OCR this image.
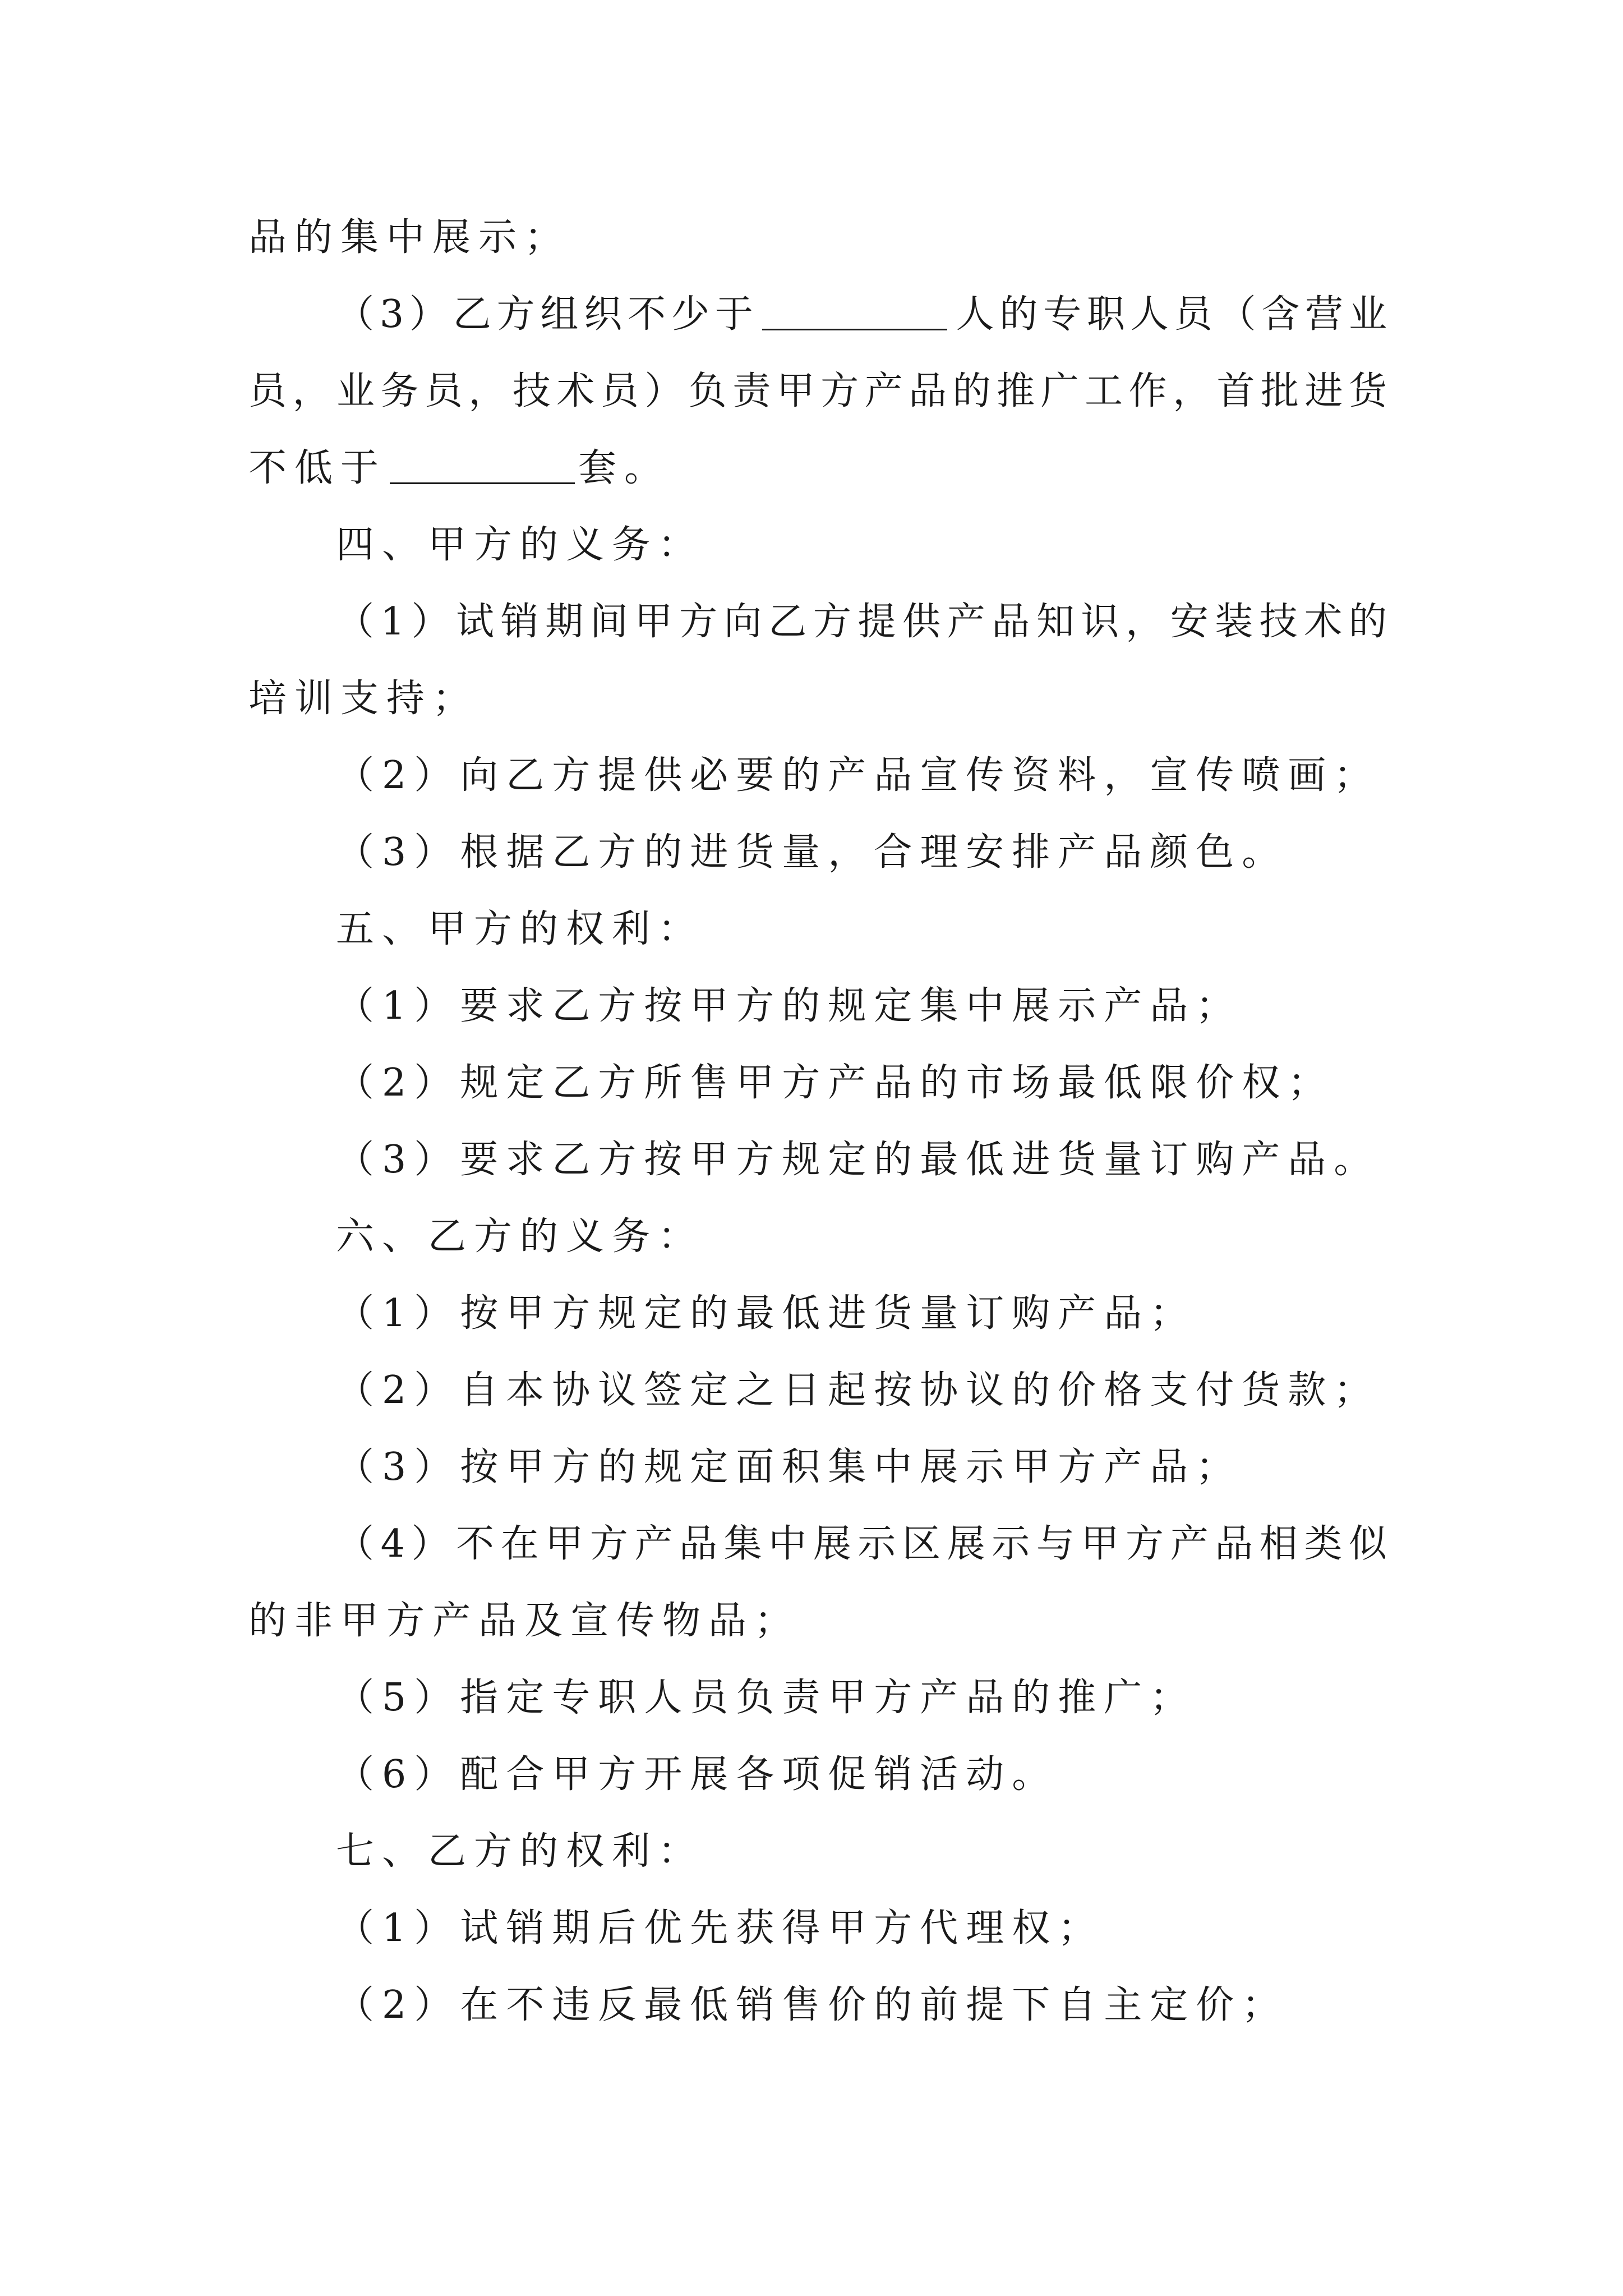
品的集中展示；
（3）乙方组织不少于	人的专职人员（含营业
员，业务员，技术员）负责甲方产品的推广工作，首批进货
不低于	套。
四、甲方的义务：
（1）试销期间甲方向乙方提供产品知识，安装技术的
培训支持；
（2）向乙方提供必要的产品宣传资料，宣传喷画；
（3）根据乙方的进货量，合理安排产品颜色。
五、甲方的权利：
（1）要求乙方按甲方的规定集中展示产品；
（2）规定乙方所售甲方产品的市场最低限价权；
（3）要求乙方按甲方规定的最低进货量订购产品。
六、乙方的义务：
（1）按甲方规定的最低进货量订购产品；
（2）自本协议签定之日起按协议的价格支付货款；
（3）按甲方的规定面积集中展示甲方产品；
（4）不在甲方产品集中展示区展示与甲方产品相类似
的非甲方产品及宣传物品；
（5）指定专职人员负责甲方产品的推广；
（6）配合甲方开展各项促销活动。
七、乙方的权利：
（1）试销期后优先获得甲方代理权；
（2）在不违反最低销售价的前提下自主定价；
